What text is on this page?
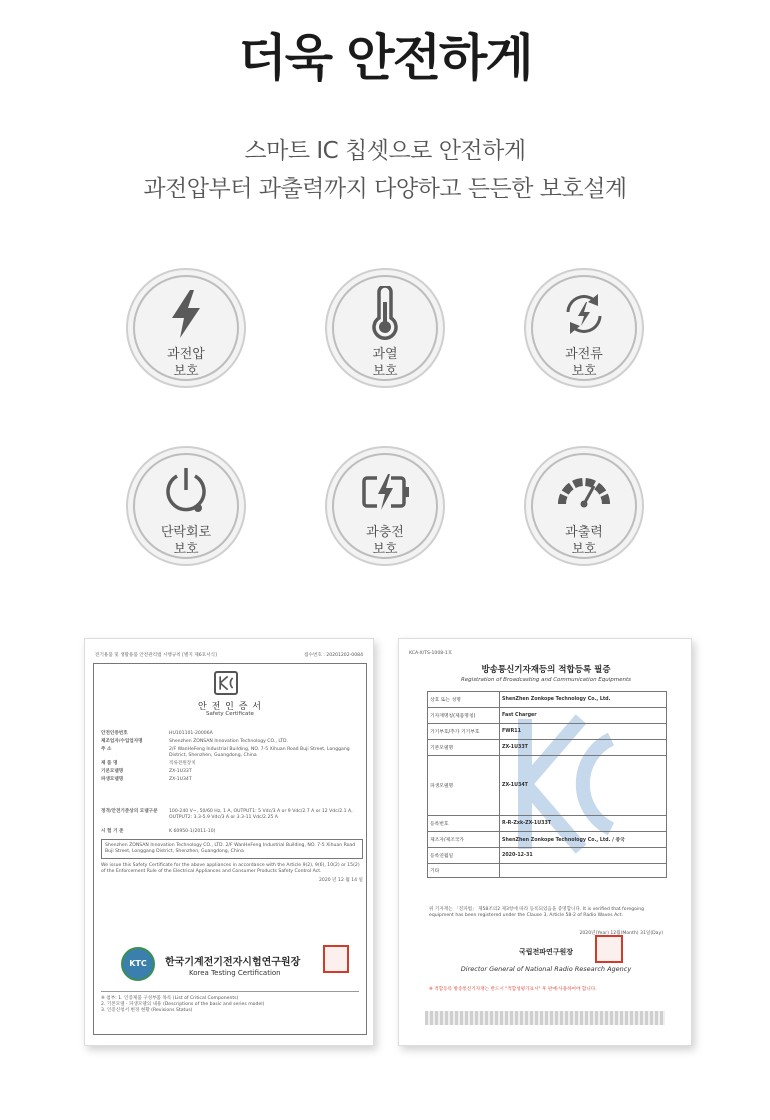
더욱 안전하게
스마트 IC 칩셋으로 안전하게
과전압부터 과출력까지 다양하고 든든한 보호설계
과전압
보호
과열
보호
과전류
보호
단락회로
보호
과충전
보호
과출력
보호
전기용품 및 생활용품 안전관리법 시행규칙 [별지 제6호서식]	접수번호 : 20201202-0084
안 전 인 증 서
Safety Certificate
안전인증번호	HU101101-20006A
제조업자/수입업자명	Shenzhen ZONSAN Innovation Technology CO., LTD.
주 소	2/F WanHeFeng Industrial Building, NO. 7-5 Xihuan Road Buji Street, Longgang District, Shenzhen, Guangdong, China
제 품 명	직류전원장치
기본모델명	ZX-1U33T
파생모델명	ZX-1U34T
정격/안전기준상의 모델구분	100-240 V~, 50/60 Hz, 1 A, OUTPUT1: 5 Vdc/3 A or 9 Vdc/2.7 A or 12 Vdc/2.1 A, OUTPUT2: 3.3-5.9 Vdc/3 A or 3.3-11 Vdc/2.25 A
시 험 기 준	K 60950-1(2011-10)
Shenzhen ZONSAN Innovation Technology CO., LTD. 2/F WanHeFeng Industrial Building, NO. 7-5 Xihuan Road Buji Street, Longgang District, Shenzhen, Guangdong, China
We issue this Safety Certificate for the above appliances in accordance with the Article 9(2), 9(6), 10(2) or 15(2) of the Enforcement Rule of the Electrical Appliances and Consumer Products Safety Control Act.
2020 년 12 월 14 일
KTC	한국기계전기전자시험연구원장
Korea Testing Certification
※ 첨부: 1. 인증제품 구성부품 목록 (List of Critical Components)
2. 기본모델 · 파생모델의 내용 (Descriptions of the basic and series model)
3. 인증신청서 변경 현황 (Revisions Status)
KCA-X/TS-1008-1호
방송통신기자재등의 적합등록 필증
Registration of Broadcasting and Communication Equipments
상호 또는 성명	ShenZhen Zonkope Technology Co., Ltd.
기자재명칭(제품명칭)	Fast Charger
기기부호/추가 기기부호	FWR11
기본모델명	ZX-1U33T
파생모델명	ZX-1U34T
등록번호	R-R-Zxk-ZX-1U33T
제조자/제조국가	ShenZhen Zonkope Technology Co., Ltd. / 중국
등록연월일	2020-12-31
기타	
위 기자재는 「전파법」 제58조의2 제3항에 따라 등록되었음을 증명합니다. It is verified that foregoing equipment has been registered under the Clause 3, Article 58-2 of Radio Waves Act.
2020년(Year) 12월(Month) 31일(Day)
국립전파연구원장
Director General of National Radio Research Agency
※ 적합등록 방송통신기자재는 반드시 "적합성평가표시" 후 판매·사용하여야 합니다.
